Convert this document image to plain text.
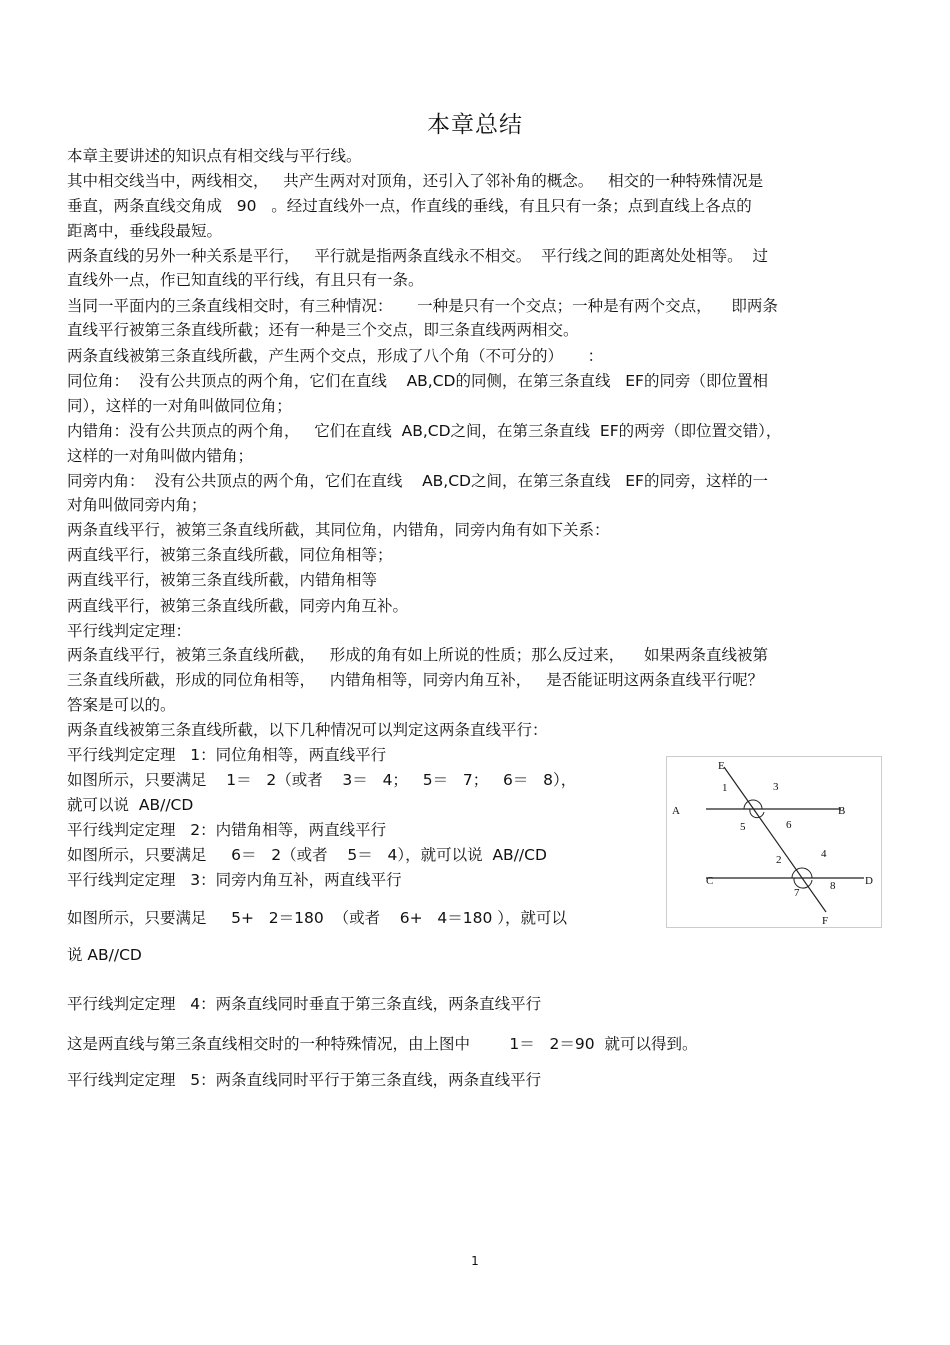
本章总结
本章主要讲述的知识点有相交线与平行线。
其中相交线当中，两线相交，   共产生两对对顶角，还引入了邻补角的概念。   相交的一种特殊情况是
垂直，两条直线交角成   90   。经过直线外一点，作直线的垂线，有且只有一条；点到直线上各点的
距离中，垂线段最短。
两条直线的另外一种关系是平行，   平行就是指两条直线永不相交。  平行线之间的距离处处相等。  过
直线外一点，作已知直线的平行线，有且只有一条。
当同一平面内的三条直线相交时，有三种情况：     一种是只有一个交点；一种是有两个交点，    即两条
直线平行被第三条直线所截；还有一种是三个交点，即三条直线两两相交。
两条直线被第三条直线所截，产生两个交点，形成了八个角（不可分的）     ：
同位角：  没有公共顶点的两个角，它们在直线    AB,CD的同侧，在第三条直线   EF的同旁（即位置相
同），这样的一对角叫做同位角；
内错角：没有公共顶点的两个角，   它们在直线  AB,CD之间，在第三条直线  EF的两旁（即位置交错），
这样的一对角叫做内错角；
同旁内角：  没有公共顶点的两个角，它们在直线    AB,CD之间，在第三条直线   EF的同旁，这样的一
对角叫做同旁内角；
两条直线平行，被第三条直线所截，其同位角，内错角，同旁内角有如下关系：
两直线平行，被第三条直线所截，同位角相等；
两直线平行，被第三条直线所截，内错角相等
两直线平行，被第三条直线所截，同旁内角互补。
平行线判定定理：
两条直线平行，被第三条直线所截，   形成的角有如上所说的性质；那么反过来，    如果两条直线被第
三条直线所截，形成的同位角相等，   内错角相等，同旁内角互补，   是否能证明这两条直线平行呢？
答案是可以的。
两条直线被第三条直线所截，以下几种情况可以判定这两条直线平行：
平行线判定定理   1：同位角相等，两直线平行
如图所示，只要满足    1＝   2（或者    3＝   4；   5＝   7；   6＝   8），
就可以说  AB//CD
平行线判定定理   2：内错角相等，两直线平行
如图所示，只要满足     6＝   2（或者    5＝   4），就可以说  AB//CD
平行线判定定理   3：同旁内角互补，两直线平行
如图所示，只要满足     5+   2＝180  （或者    6+   4＝180 ），就可以
说 AB//CD
平行线判定定理   4：两条直线同时垂直于第三条直线，两条直线平行
这是两直线与第三条直线相交时的一种特殊情况，由上图中        1＝   2＝90  就可以得到。
平行线判定定理   5：两条直线同时平行于第三条直线，两条直线平行
E
F
A	B
C	D
1	3
5	6
2	4
7
8
1
